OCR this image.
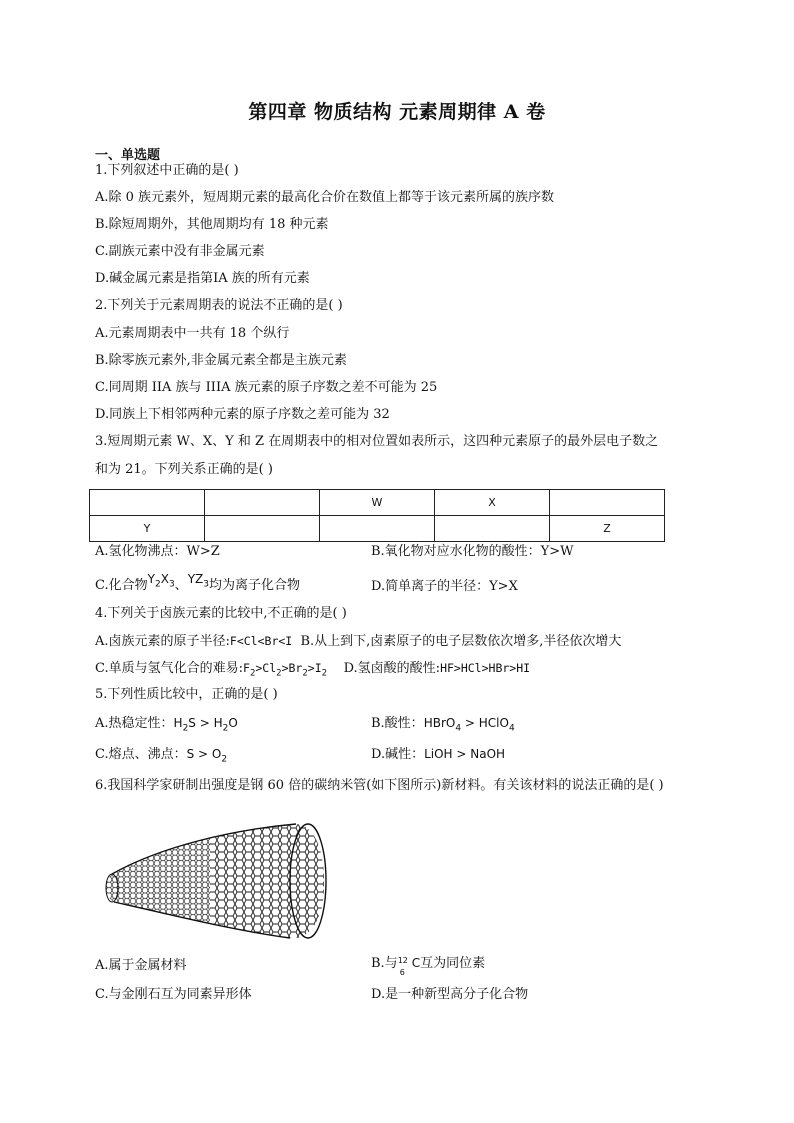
第四章 物质结构 元素周期律 A 卷
一、单选题
1.下列叙述中正确的是( )
A.除 0 族元素外，短周期元素的最高化合价在数值上都等于该元素所属的族序数
B.除短周期外，其他周期均有 18 种元素
C.副族元素中没有非金属元素
D.碱金属元素是指第ⅠA 族的所有元素
2.下列关于元素周期表的说法不正确的是( )
A.元素周期表中一共有 18 个纵行
B.除零族元素外,非金属元素全都是主族元素
C.同周期 IIA 族与 IIIA 族元素的原子序数之差不可能为 25
D.同族上下相邻两种元素的原子序数之差可能为 32
3.短周期元素 W、X、Y 和 Z 在周期表中的相对位置如表所示，这四种元素原子的最外层电子数之
和为 21。下列关系正确的是( )
		W	X	
Y				Z
A.氢化物沸点：W>Z	B.氧化物对应水化物的酸性：Y>W
C.化合物$Y_2X_3$、$YZ_3$均为离子化合物	D.简单离子的半径：Y>X
4.下列关于卤族元素的比较中,不正确的是( )
A.卤族元素的原子半径:F<Cl<Br<I B.从上到下,卤素原子的电子层数依次增多,半径依次增大
C.单质与氢气化合的难易$:F_2>Cl_2>Br_2>I_2$ D.氢卤酸的酸性:HF>HCl>HBr>HI
5.下列性质比较中，正确的是( )
A.热稳定性：$H_2S > H_2O$	B.酸性：HBrO$_4$ > HClO$_4$
C.熔点、沸点：$S > O_2$	D.碱性：LiOH > NaOH
6.我国科学家研制出强度是钢 60 倍的碳纳米管(如下图所示)新材料。有关该材料的说法正确的是( )
A.属于金属材料	B.与 12
6
C互为同位素
C.与金刚石互为同素异形体	D.是一种新型高分子化合物
